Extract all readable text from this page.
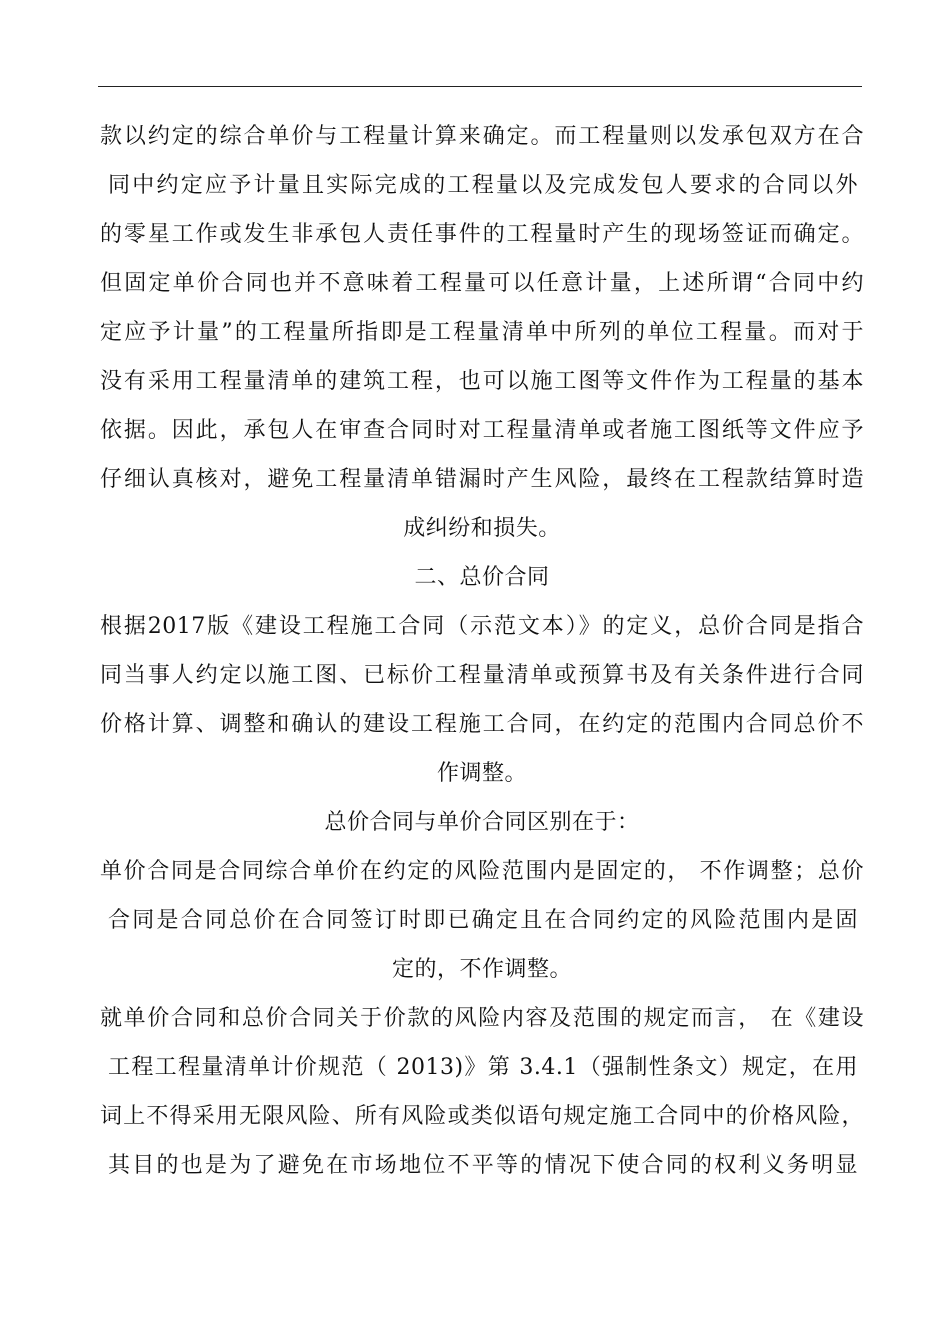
款以约定的综合单价与工程量计算来确定。而工程量则以发承包双方在合
同中约定应予计量且实际完成的工程量以及完成发包人要求的合同以外
的零星工作或发生非承包人责任事件的工程量时产生的现场签证而确定。
但固定单价合同也并不意味着工程量可以任意计量，上述所谓“合同中约
定应予计量”的工程量所指即是工程量清单中所列的单位工程量。而对于
没有采用工程量清单的建筑工程，也可以施工图等文件作为工程量的基本
依据。因此，承包人在审查合同时对工程量清单或者施工图纸等文件应予
仔细认真核对，避免工程量清单错漏时产生风险，最终在工程款结算时造
成纠纷和损失。
二、总价合同
根据2017版《建设工程施工合同（示范文本）》的定义，总价合同是指合
同当事人约定以施工图、已标价工程量清单或预算书及有关条件进行合同
价格计算、调整和确认的建设工程施工合同，在约定的范围内合同总价不
作调整。
总价合同与单价合同区别在于：
单价合同是合同综合单价在约定的风险范围内是固定的， 不作调整；总价
合同是合同总价在合同签订时即已确定且在合同约定的风险范围内是固
定的，不作调整。
就单价合同和总价合同关于价款的风险内容及范围的规定而言， 在《建设
工程工程量清单计价规范（ 2013)》第 3.4.1（强制性条文）规定，在用
词上不得采用无限风险、所有风险或类似语句规定施工合同中的价格风险，
其目的也是为了避免在市场地位不平等的情况下使合同的权利义务明显
